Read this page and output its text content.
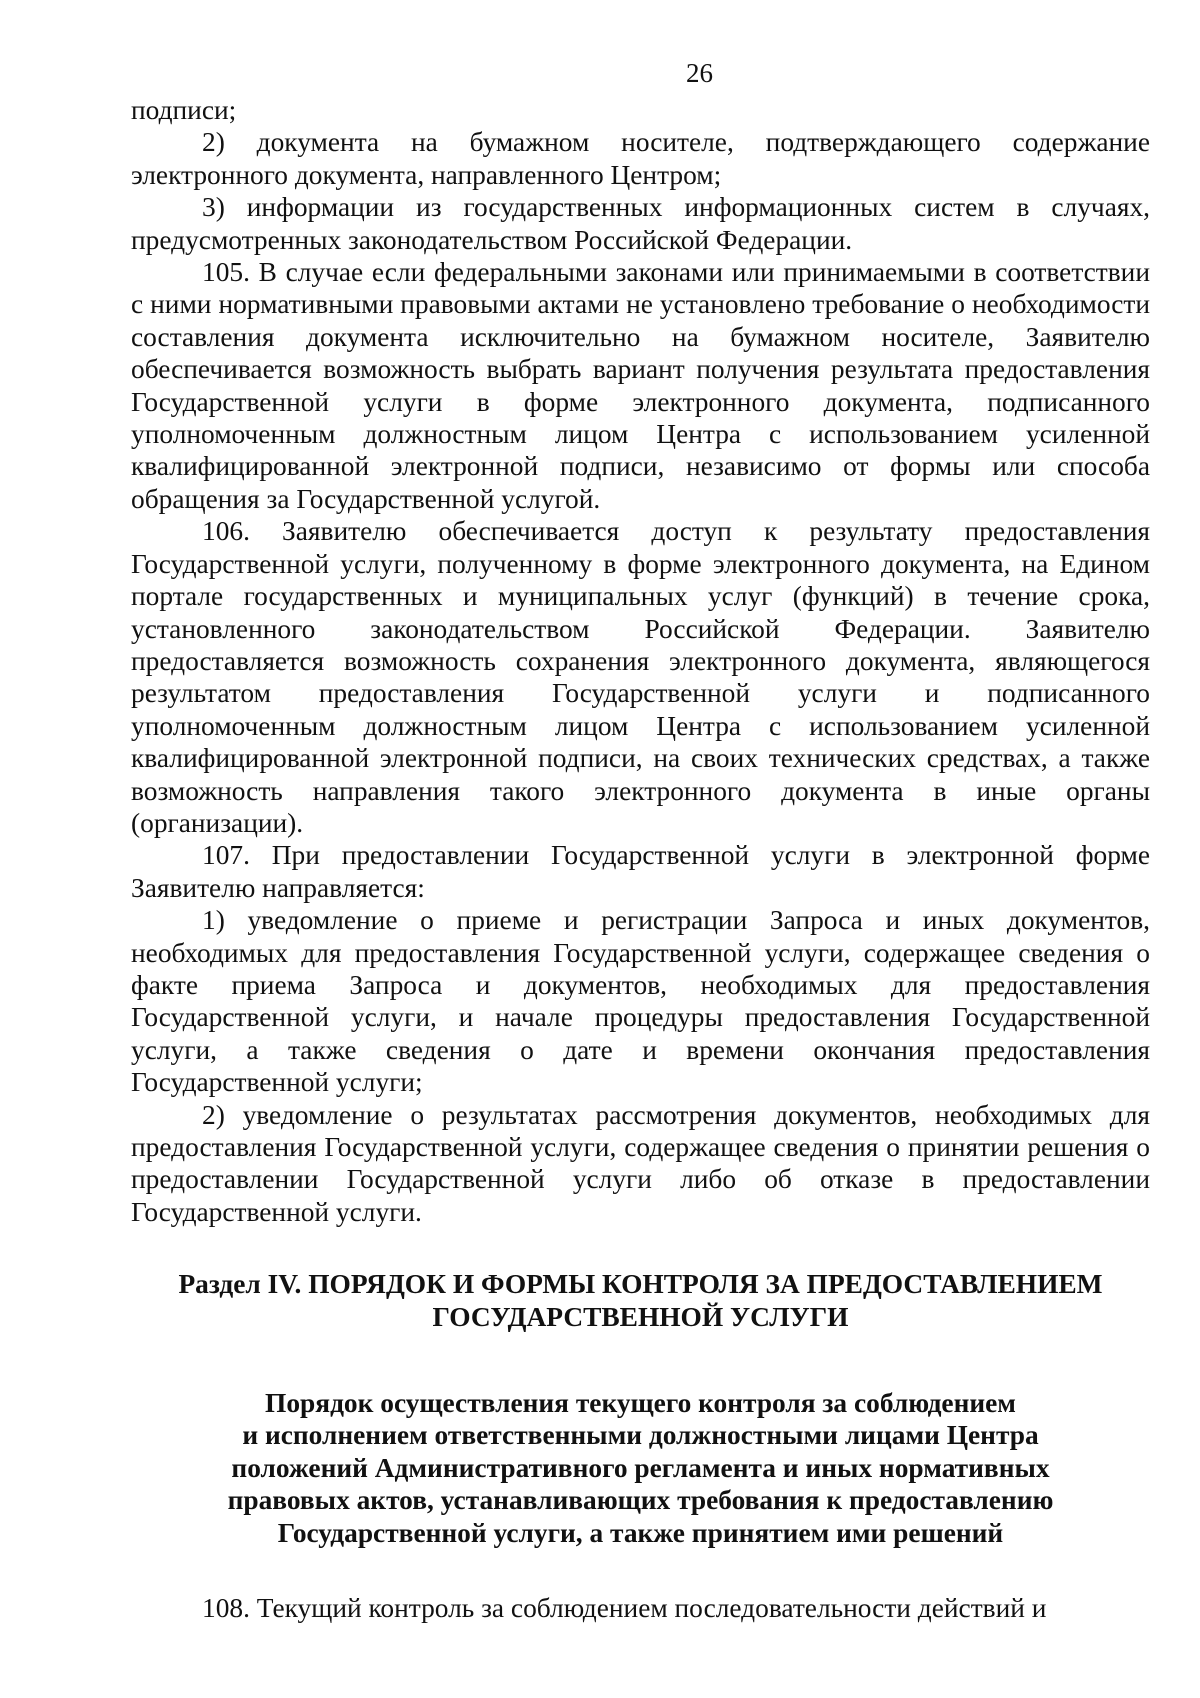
26

подписи;

2) документа на бумажном носителе, подтверждающего содержание электронного документа, направленного Центром;

3) информации из государственных информационных систем в случаях, предусмотренных законодательством Российской Федерации.

105. В случае если федеральными законами или принимаемыми в соответствии с ними нормативными правовыми актами не установлено требование о необходимости составления документа исключительно на бумажном носителе, Заявителю обеспечивается возможность выбрать вариант получения результата предоставления Государственной услуги в форме электронного документа, подписанного уполномоченным должностным лицом Центра с использованием усиленной квалифицированной электронной подписи, независимо от формы или способа обращения за Государственной услугой.

106. Заявителю обеспечивается доступ к результату предоставления Государственной услуги, полученному в форме электронного документа, на Едином портале государственных и муниципальных услуг (функций) в течение срока, установленного законодательством Российской Федерации. Заявителю предоставляется возможность сохранения электронного документа, являющегося результатом предоставления Государственной услуги и подписанного уполномоченным должностным лицом Центра с использованием усиленной квалифицированной электронной подписи, на своих технических средствах, а также возможность направления такого электронного документа в иные органы (организации).

107. При предоставлении Государственной услуги в электронной форме Заявителю направляется:

1) уведомление о приеме и регистрации Запроса и иных документов, необходимых для предоставления Государственной услуги, содержащее сведения о факте приема Запроса и документов, необходимых для предоставления Государственной услуги, и начале процедуры предоставления Государственной услуги, а также сведения о дате и времени окончания предоставления Государственной услуги;

2) уведомление о результатах рассмотрения документов, необходимых для предоставления Государственной услуги, содержащее сведения о принятии решения о предоставлении Государственной услуги либо об отказе в предоставлении Государственной услуги.

Раздел IV. ПОРЯДОК И ФОРМЫ КОНТРОЛЯ ЗА ПРЕДОСТАВЛЕНИЕМ
ГОСУДАРСТВЕННОЙ УСЛУГИ
Порядок осуществления текущего контроля за соблюдением
и исполнением ответственными должностными лицами Центра
положений Административного регламента и иных нормативных
правовых актов, устанавливающих требования к предоставлению
Государственной услуги, а также принятием ими решений

108. Текущий контроль за соблюдением последовательности действий и
